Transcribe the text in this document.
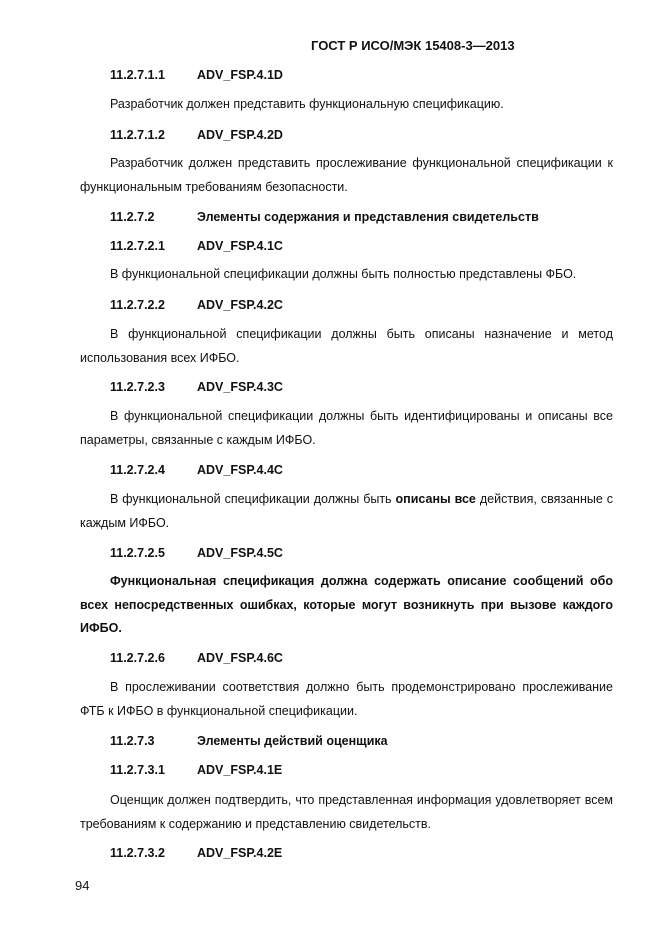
ГОСТ Р ИСО/МЭК 15408-3—2013
11.2.7.1.1	ADV_FSP.4.1D
Разработчик должен представить функциональную спецификацию.
11.2.7.1.2	ADV_FSP.4.2D
Разработчик должен представить прослеживание функциональной спецификации к функциональным требованиям безопасности.
11.2.7.2	Элементы содержания и представления свидетельств
11.2.7.2.1	ADV_FSP.4.1C
В функциональной спецификации должны быть полностью представлены ФБО.
11.2.7.2.2	ADV_FSP.4.2C
В функциональной спецификации должны быть описаны назначение и метод использования всех ИФБО.
11.2.7.2.3	ADV_FSP.4.3C
В функциональной спецификации должны быть идентифицированы и описаны все параметры, связанные с каждым ИФБО.
11.2.7.2.4	ADV_FSP.4.4C
В функциональной спецификации должны быть описаны все действия, связанные с каждым ИФБО.
11.2.7.2.5	ADV_FSP.4.5C
Функциональная спецификация должна содержать описание сообщений обо всех непосредственных ошибках, которые могут возникнуть при вызове каждого ИФБО.
11.2.7.2.6	ADV_FSP.4.6C
В прослеживании соответствия должно быть продемонстрировано прослеживание ФТБ к ИФБО в функциональной спецификации.
11.2.7.3	Элементы действий оценщика
11.2.7.3.1	ADV_FSP.4.1E
Оценщик должен подтвердить, что представленная информация удовлетворяет всем требованиям к содержанию и представлению свидетельств.
11.2.7.3.2	ADV_FSP.4.2E
94
